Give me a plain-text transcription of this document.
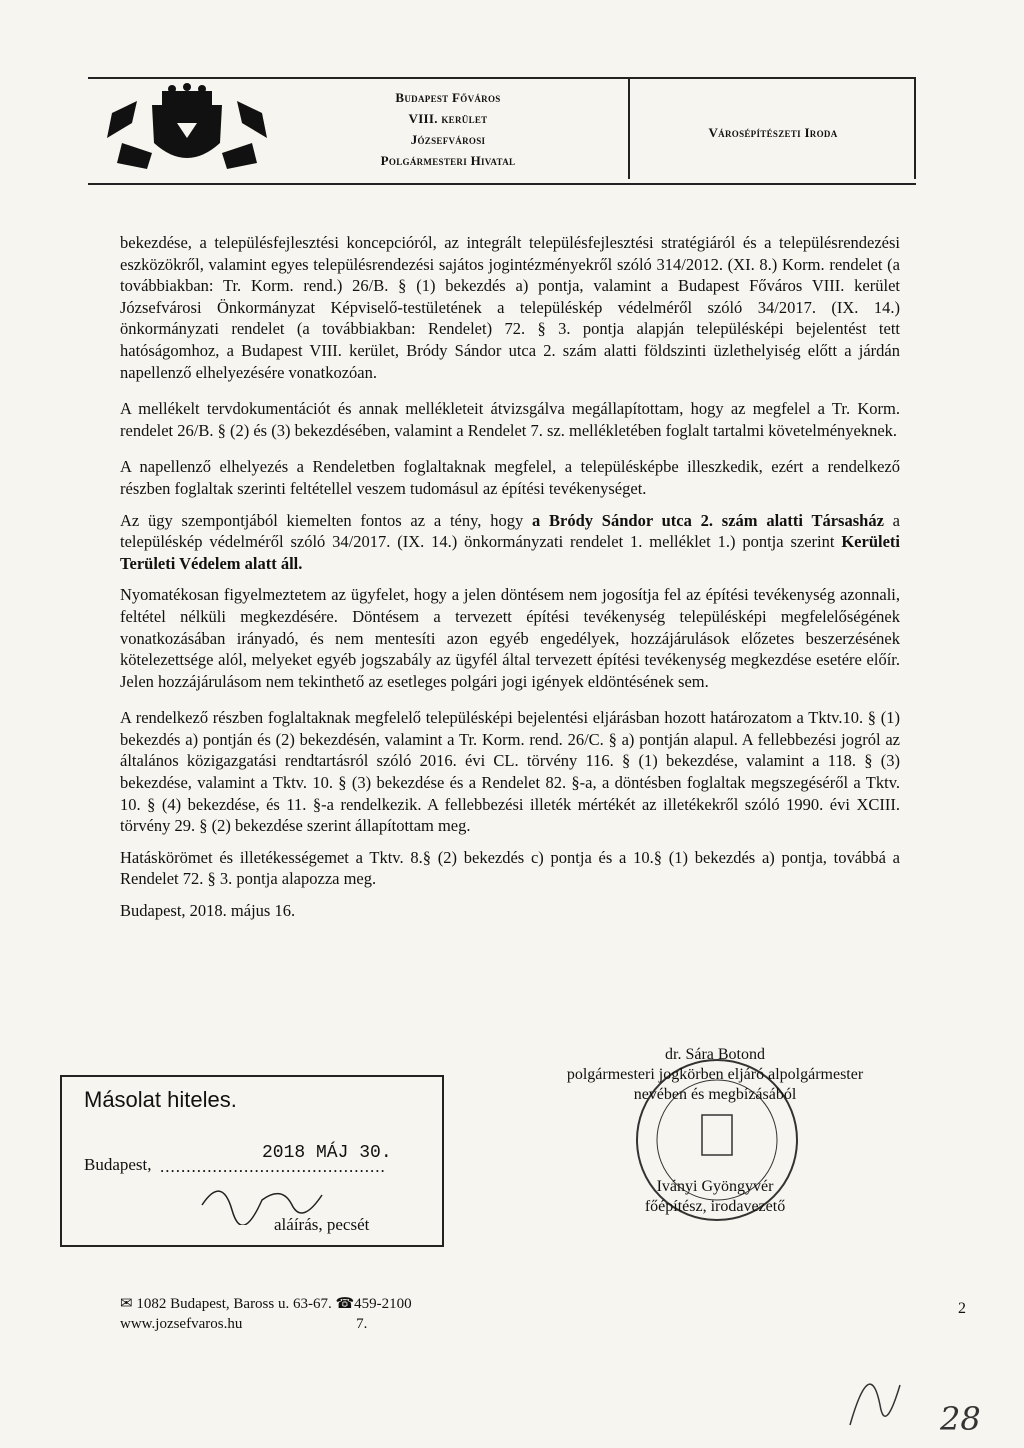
Budapest Főváros
VIII. kerület
Józsefvárosi
Polgármesteri Hivatal
Városépítészeti Iroda

bekezdése, a településfejlesztési koncepcióról, az integrált településfejlesztési stratégiáról és a településrendezési eszközökről, valamint egyes településrendezési sajátos jogintézményekről szóló 314/2012. (XI. 8.) Korm. rendelet (a továbbiakban: Tr. Korm. rend.) 26/B. § (1) bekezdés a) pontja, valamint a Budapest Főváros VIII. kerület Józsefvárosi Önkormányzat Képviselő-testületének a településkép védelméről szóló 34/2017. (IX. 14.) önkormányzati rendelet (a továbbiakban: Rendelet) 72. § 3. pontja alapján településképi bejelentést tett hatóságomhoz, a Budapest VIII. kerület, Bródy Sándor utca 2. szám alatti földszinti üzlethelyiség előtt a járdán napellenző elhelyezésére vonatkozóan.

A mellékelt tervdokumentációt és annak mellékleteit átvizsgálva megállapítottam, hogy az megfelel a Tr. Korm. rendelet 26/B. § (2) és (3) bekezdésében, valamint a Rendelet 7. sz. mellékletében foglalt tartalmi követelményeknek.

A napellenző elhelyezés a Rendeletben foglaltaknak megfelel, a településképbe illeszkedik, ezért a rendelkező részben foglaltak szerinti feltétellel veszem tudomásul az építési tevékenységet.

Az ügy szempontjából kiemelten fontos az a tény, hogy a Bródy Sándor utca 2. szám alatti Társasház a településkép védelméről szóló 34/2017. (IX. 14.) önkormányzati rendelet 1. melléklet 1.) pontja szerint Kerületi Területi Védelem alatt áll.

Nyomatékosan figyelmeztetem az ügyfelet, hogy a jelen döntésem nem jogosítja fel az építési tevékenység azonnali, feltétel nélküli megkezdésére. Döntésem a tervezett építési tevékenység településképi megfelelőségének vonatkozásában irányadó, és nem mentesíti azon egyéb engedélyek, hozzájárulások előzetes beszerzésének kötelezettsége alól, melyeket egyéb jogszabály az ügyfél által tervezett építési tevékenység megkezdése esetére előír. Jelen hozzájárulásom nem tekinthető az esetleges polgári jogi igények eldöntésének sem.

A rendelkező részben foglaltaknak megfelelő településképi bejelentési eljárásban hozott határozatom a Tktv.10. § (1) bekezdés a) pontján és (2) bekezdésén, valamint a Tr. Korm. rend. 26/C. § a) pontján alapul. A fellebbezési jogról az általános közigazgatási rendtartásról szóló 2016. évi CL. törvény 116. § (1) bekezdése, valamint a 118. § (3) bekezdése, valamint a Tktv. 10. § (3) bekezdése és a Rendelet 82. §-a, a döntésben foglaltak megszegéséről a Tktv. 10. § (4) bekezdése, és 11. §-a rendelkezik. A fellebbezési illeték mértékét az illetékekről szóló 1990. évi XCIII. törvény 29. § (2) bekezdése szerint állapítottam meg.

Hatáskörömet és illetékességemet a Tktv. 8.§ (2) bekezdés c) pontja és a 10.§ (1) bekezdés a) pontja, továbbá a Rendelet 72. § 3. pontja alapozza meg.

Budapest, 2018. május 16.

dr. Sára Botond
polgármesteri jogkörben eljáró alpolgármester
nevében és megbízásából
Iványi Gyöngyvér
főépítész, irodavezető
Másolat hiteles.
Budapest, ...........................................
2018 MÁJ 30.
aláírás, pecsét
✉ 1082 Budapest, Baross u. 63-67. ☎459-2100
www.jozsefvaros.hu	7.
2
28
